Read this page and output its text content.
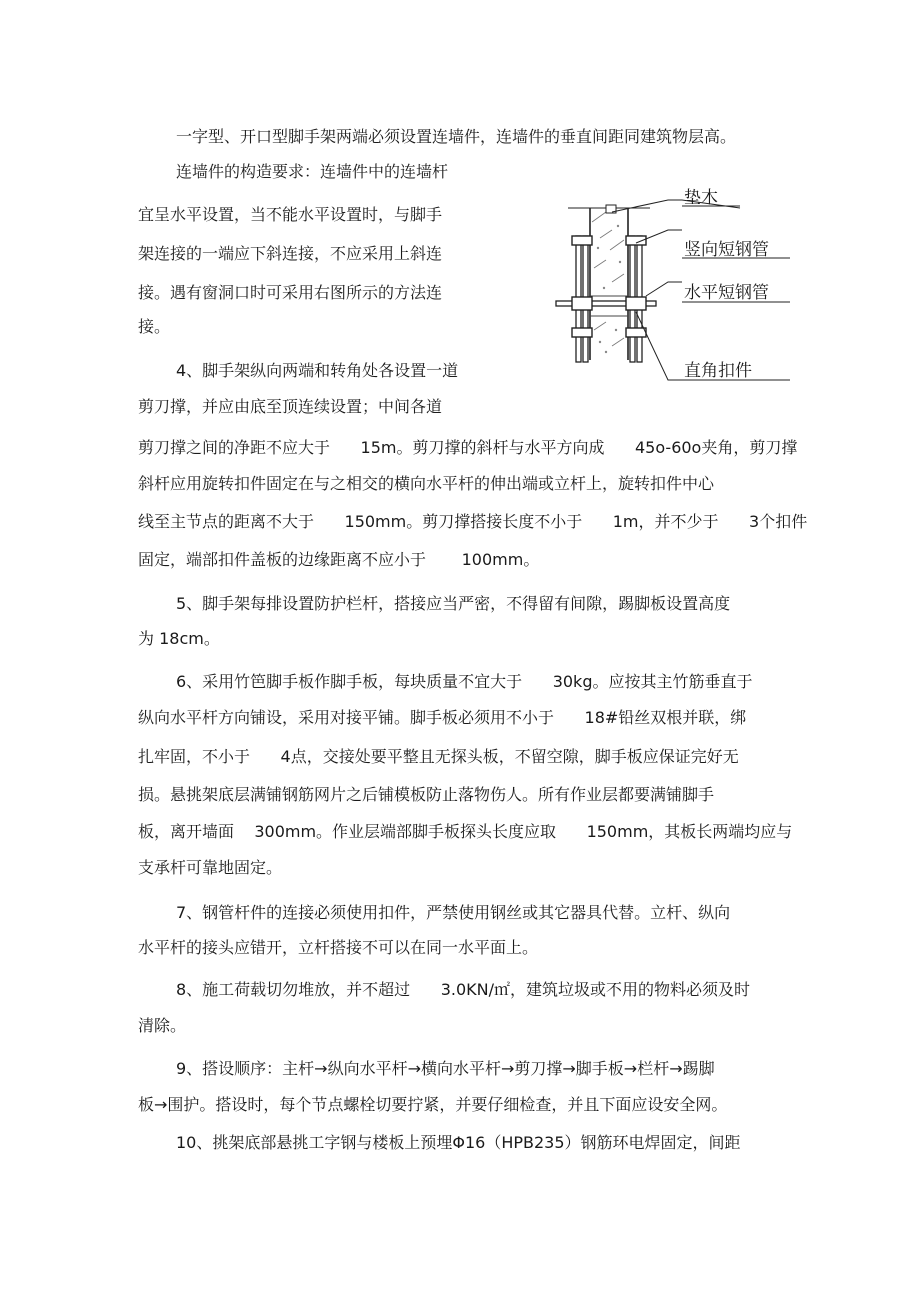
一字型、开口型脚手架两端必须设置连墙件，连墙件的垂直间距同建筑物层高。
连墙件的构造要求：连墙件中的连墙杆
宜呈水平设置，当不能水平设置时，与脚手
架连接的一端应下斜连接，不应采用上斜连
接。遇有窗洞口时可采用右图所示的方法连
接。
4、脚手架纵向两端和转角处各设置一道
剪刀撑，并应由底至顶连续设置；中间各道
剪刀撑之间的净距不应大于      15m。剪刀撑的斜杆与水平方向成      45o-60o夹角，剪刀撑
斜杆应用旋转扣件固定在与之相交的横向水平杆的伸出端或立杆上，旋转扣件中心
线至主节点的距离不大于      150mm。剪刀撑搭接长度不小于      1m，并不少于      3个扣件
固定，端部扣件盖板的边缘距离不应小于       100mm。
5、脚手架每排设置防护栏杆，搭接应当严密，不得留有间隙，踢脚板设置高度
为 18cm。
6、采用竹笆脚手板作脚手板，每块质量不宜大于      30kg。应按其主竹筋垂直于
纵向水平杆方向铺设，采用对接平铺。脚手板必须用不小于      18#铅丝双根并联，绑
扎牢固，不小于      4点，交接处要平整且无探头板，不留空隙，脚手板应保证完好无
损。悬挑架底层满铺钢筋网片之后铺模板防止落物伤人。所有作业层都要满铺脚手
板，离开墙面    300mm。作业层端部脚手板探头长度应取      150mm，其板长两端均应与
支承杆可靠地固定。
7、钢管杆件的连接必须使用扣件，严禁使用钢丝或其它器具代替。立杆、纵向
水平杆的接头应错开，立杆搭接不可以在同一水平面上。
8、施工荷载切勿堆放，并不超过      3.0KN/㎡，建筑垃圾或不用的物料必须及时
清除。
9、搭设顺序：主杆→纵向水平杆→横向水平杆→剪刀撑→脚手板→栏杆→踢脚
板→围护。搭设时，每个节点螺栓切要拧紧，并要仔细检查，并且下面应设安全网。
10、挑架底部悬挑工字钢与楼板上预埋Φ16（HPB235）钢筋环电焊固定，间距
垫木
竖向短钢管
水平短钢管
直角扣件
